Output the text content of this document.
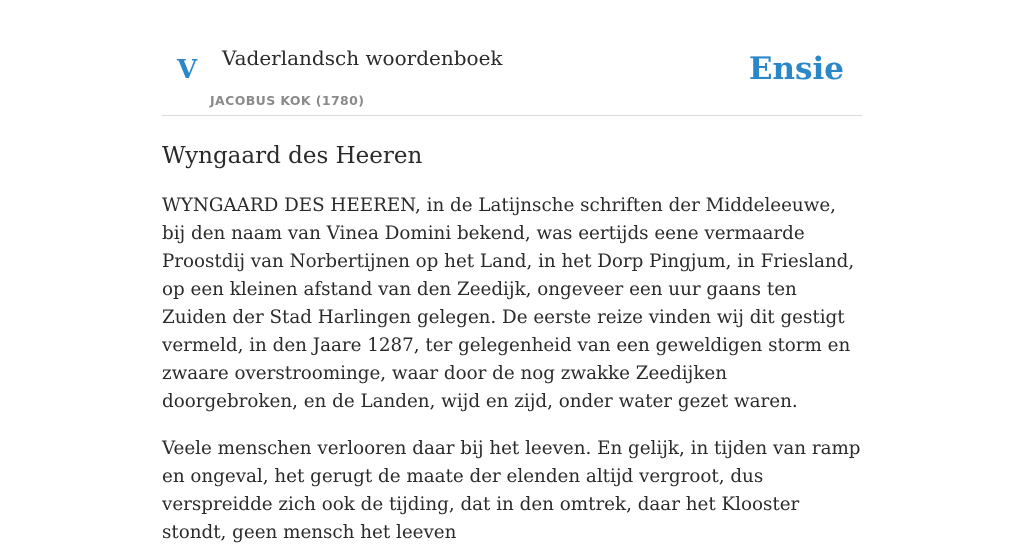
V Vaderlandsch woordenboek
JACOBUS KOK (1780)
Ensie
Wyngaard des Heeren

WYNGAARD DES HEEREN, in de Latijnsche schriften der Middeleeuwe, bij den naam van Vinea Domini bekend, was eertijds eene vermaarde Proostdij van Norbertijnen op het Land, in het Dorp Pingjum, in Friesland, op een kleinen afstand van den Zeedijk, ongeveer een uur gaans ten Zuiden der Stad Harlingen gelegen. De eerste reize vinden wij dit gestigt vermeld, in den Jaare 1287, ter gelegenheid van een geweldigen storm en zwaare overstroominge, waar door de nog zwakke Zeedijken doorgebroken, en de Landen, wijd en zijd, onder water gezet waren.

Veele menschen verlooren daar bij het leeven. En gelijk, in tijden van ramp en ongeval, het gerugt de maate der elenden altijd vergroot, dus verspreidde zich ook de tijding, dat in den omtrek, daar het Klooster stondt, geen mensch het leeven
